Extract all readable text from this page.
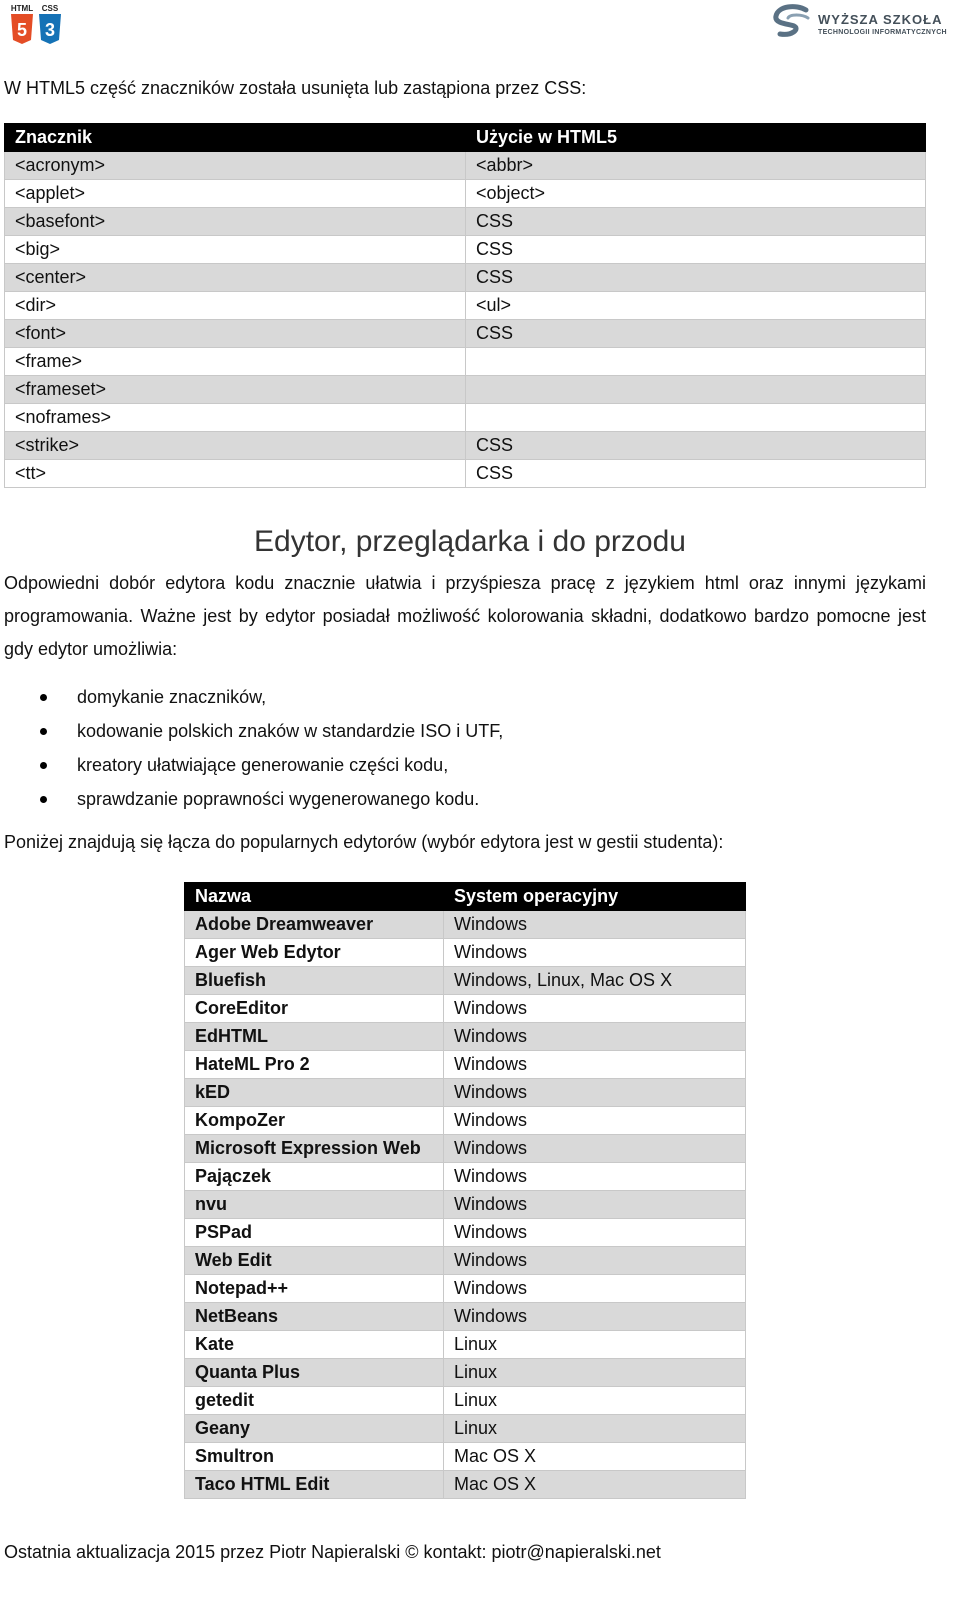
HTML
5
CSS
3
WYŻSZA SZKOŁA
TECHNOLOGII INFORMATYCZNYCH
W HTML5 część znaczników została usunięta lub zastąpiona przez CSS:
Znacznik	Użycie w HTML5
<acronym>	<abbr>
<applet>	<object>
<basefont>	CSS
<big>	CSS
<center>	CSS
<dir>	<ul>
<font>	CSS
<frame>	
<frameset>	
<noframes>	
<strike>	CSS
<tt>	CSS
Edytor, przeglądarka i do przodu
Odpowiedni dobór edytora kodu znacznie ułatwia i przyśpiesza pracę z językiem html oraz innymi językami programowania. Ważne jest by edytor posiadał możliwość kolorowania składni, dodatkowo bardzo pomocne jest gdy edytor umożliwia:
domykanie znaczników,
kodowanie polskich znaków w standardzie ISO i UTF,
kreatory ułatwiające generowanie części kodu,
sprawdzanie poprawności wygenerowanego kodu.
Poniżej znajdują się łącza do popularnych edytorów (wybór edytora jest w gestii studenta):
Nazwa	System operacyjny
Adobe Dreamweaver	Windows
Ager Web Edytor	Windows
Bluefish	Windows, Linux, Mac OS X
CoreEditor	Windows
EdHTML	Windows
HateML Pro 2	Windows
kED	Windows
KompoZer	Windows
Microsoft Expression Web	Windows
Pajączek	Windows
nvu	Windows
PSPad	Windows
Web Edit	Windows
Notepad++	Windows
NetBeans	Windows
Kate	Linux
Quanta Plus	Linux
getedit	Linux
Geany	Linux
Smultron	Mac OS X
Taco HTML Edit	Mac OS X
Ostatnia aktualizacja 2015 przez Piotr Napieralski © kontakt: piotr@napieralski.net
